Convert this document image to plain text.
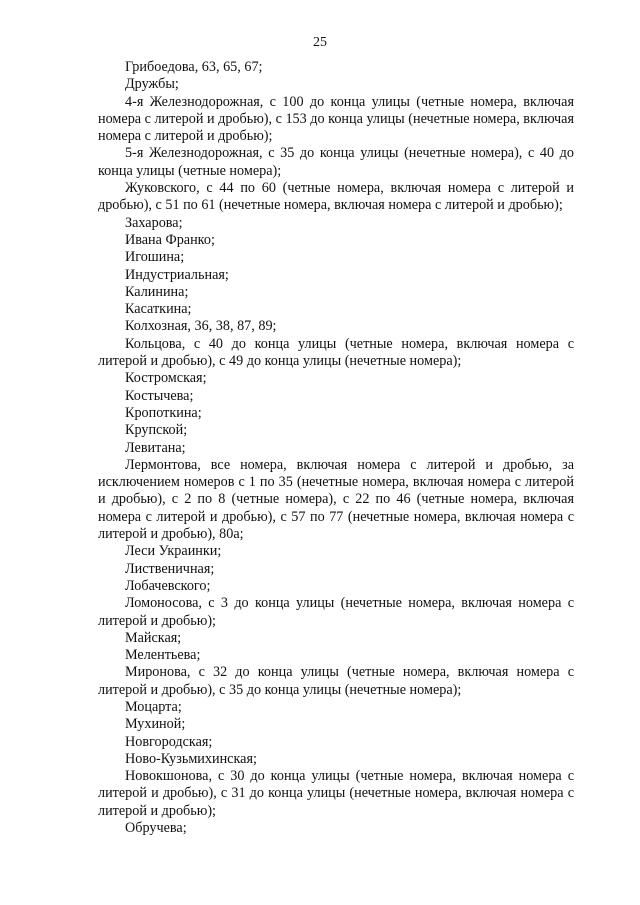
25

Грибоедова, 63, 65, 67;

Дружбы;

4-я Железнодорожная, с 100 до конца улицы (четные номера, включая номера с литерой и дробью), с 153 до конца улицы (нечетные номера, включая номера с литерой и дробью);

5-я Железнодорожная, с 35 до конца улицы (нечетные номера), с 40 до конца улицы (четные номера);

Жуковского, с 44 по 60 (четные номера, включая номера с литерой и дробью), с 51 по 61 (нечетные номера, включая номера с литерой и дробью);

Захарова;

Ивана Франко;

Игошина;

Индустриальная;

Калинина;

Касаткина;

Колхозная, 36, 38, 87, 89;

Кольцова, с 40 до конца улицы (четные номера, включая номера с литерой и дробью), с 49 до конца улицы (нечетные номера);

Костромская;

Костычева;

Кропоткина;

Крупской;

Левитана;

Лермонтова, все номера, включая номера с литерой и дробью, за исключением номеров с 1 по 35 (нечетные номера, включая номера с литерой и дробью), с 2 по 8 (четные номера), с 22 по 46 (четные номера, включая номера с литерой и дробью), с 57 по 77 (нечетные номера, включая номера с литерой и дробью), 80а;

Леси Украинки;

Лиственичная;

Лобачевского;

Ломоносова, с 3 до конца улицы (нечетные номера, включая номера с литерой и дробью);

Майская;

Мелентьева;

Миронова, с 32 до конца улицы (четные номера, включая номера с литерой и дробью), с 35 до конца улицы (нечетные номера);

Моцарта;

Мухиной;

Новгородская;

Ново-Кузьмихинская;

Новокшонова, с 30 до конца улицы (четные номера, включая номера с литерой и дробью), с 31 до конца улицы (нечетные номера, включая номера с литерой и дробью);

Обручева;
